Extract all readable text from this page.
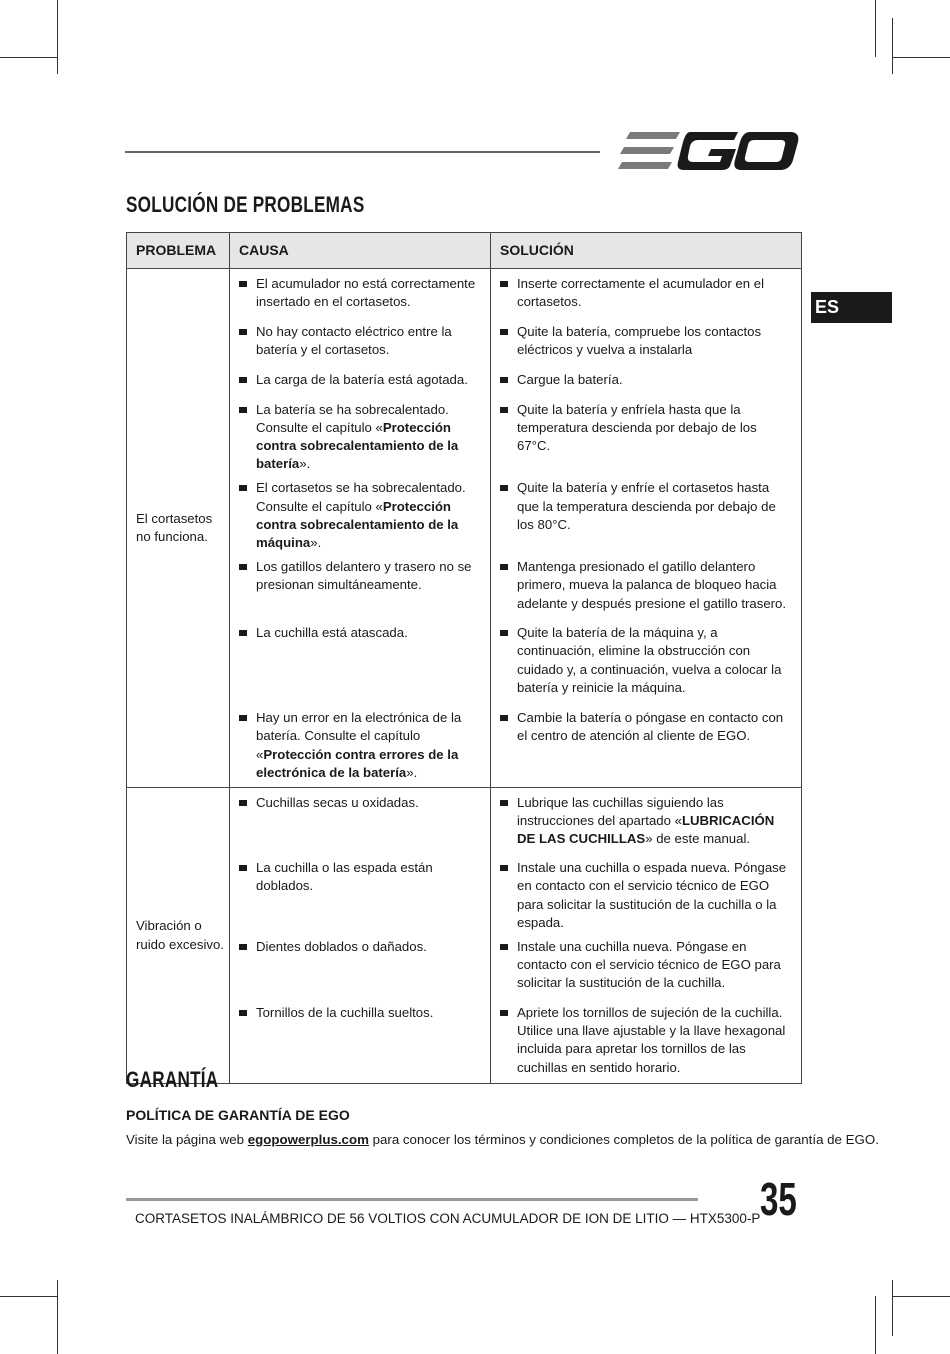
SOLUCIÓN DE PROBLEMAS
ES
PROBLEMA	CAUSA	SOLUCIÓN

El cortasetos no funciona.	El acumulador no está correctamente insertado en el cortasetos.	Inserte correctamente el acumulador en el cortasetos.

	No hay contacto eléctrico entre la batería y el cortasetos.	Quite la batería, compruebe los contactos eléctricos y vuelva a instalarla

	La carga de la batería está agotada.	Cargue la batería.

	La batería se ha sobrecalentado. Consulte el capítulo «Protección contra sobrecalentamiento de la batería».	Quite la batería y enfríela hasta que la temperatura descienda por debajo de los 67°C.

	El cortasetos se ha sobrecalentado. Consulte el capítulo «Protección contra sobrecalentamiento de la máquina».	Quite la batería y enfríe el cortasetos hasta que la temperatura descienda por debajo de los 80°C.

	Los gatillos delantero y trasero no se presionan simultáneamente.	Mantenga presionado el gatillo delantero primero, mueva la palanca de bloqueo hacia adelante y después presione el gatillo trasero.

	La cuchilla está atascada.	Quite la batería de la máquina y, a continuación, elimine la obstrucción con cuidado y, a continuación, vuelva a colocar la batería y reinicie la máquina.

	Hay un error en la electrónica de la batería. Consulte el capítulo «Protección contra errores de la electrónica de la batería».	Cambie la batería o póngase en contacto con el centro de atención al cliente de EGO.

Vibración o ruido excesivo.	Cuchillas secas u oxidadas.	Lubrique las cuchillas siguiendo las instrucciones del apartado «LUBRICACIÓN DE LAS CUCHILLAS» de este manual.

	La cuchilla o las espada están doblados.	Instale una cuchilla o espada nueva. Póngase en contacto con el servicio técnico de EGO para solicitar la sustitución de la cuchilla o la espada.

	Dientes doblados o dañados.	Instale una cuchilla nueva. Póngase en contacto con el servicio técnico de EGO para solicitar la sustitución de la cuchilla.

	Tornillos de la cuchilla sueltos.	Apriete los tornillos de sujeción de la cuchilla. Utilice una llave ajustable y la llave hexagonal incluida para apretar los tornillos de las cuchillas en sentido horario.
GARANTÍA
POLÍTICA DE GARANTÍA DE EGO
Visite la página web egopowerplus.com para conocer los términos y condiciones completos de la política de garantía de EGO.
CORTASETOS INALÁMBRICO DE 56 VOLTIOS CON ACUMULADOR DE ION DE LITIO — HTX5300-P 35
